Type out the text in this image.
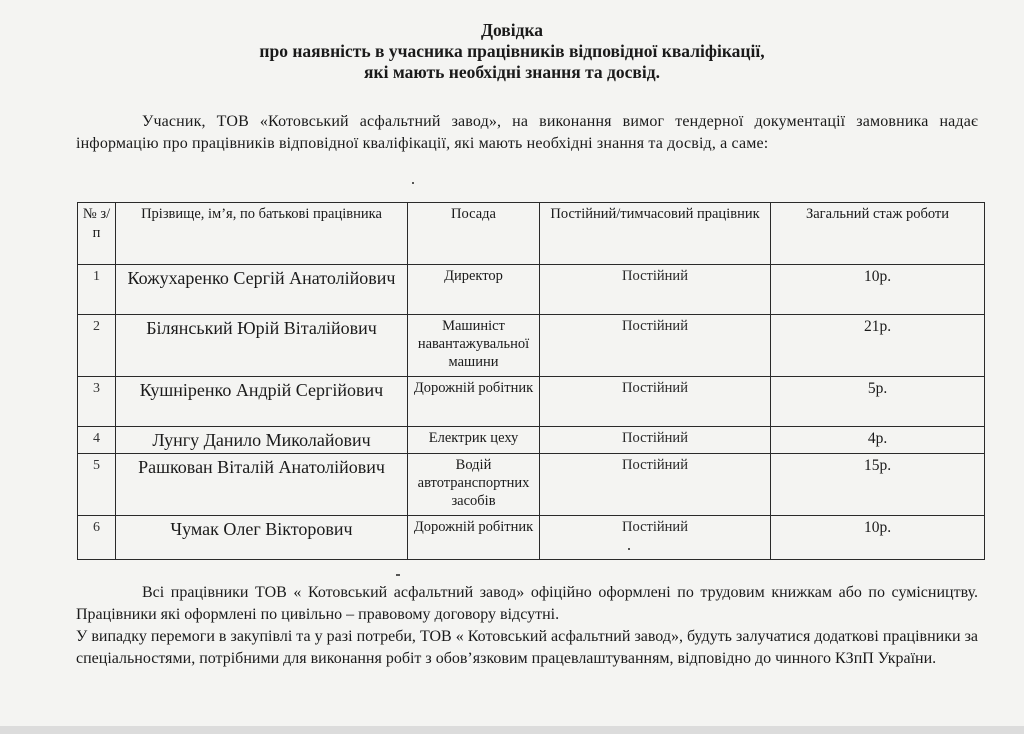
Довідка
про наявність в учасника працівників відповідної кваліфікації,
які мають необхідні знання та досвід.
Учасник, ТОВ «Котовський асфальтний завод», на виконання вимог тендерної документації замовника надає інформацію про працівників відповідної кваліфікації, які мають необхідні знання та досвід, а саме:
№ з/п	Прізвище, ім’я, по батькові працівника	Посада	Постійний/тимчасовий працівник	Загальний стаж роботи
1	Кожухаренко Сергій Анатолійович	Директор	Постійний	10р.
2	Білянський Юрій Віталійович	Машиніст навантажувальної машини	Постійний	21р.
3	Кушніренко Андрій Сергійович	Дорожній робітник	Постійний	5р.
4	Лунгу Данило Миколайович	Електрик цеху	Постійний	4р.
5	Рашкован Віталій Анатолійович	Водій автотранспортних засобів	Постійний	15р.
6	Чумак Олег Вікторович	Дорожній робітник	Постійний	10р.

Всі працівники ТОВ « Котовський асфальтний завод» офіційно оформлені по трудовим книжкам або по сумісництву. Працівники які оформлені по цивільно – правовому договору відсутні.

У випадку перемоги в закупівлі та у разі потреби, ТОВ « Котовський асфальтний завод», будуть залучатися додаткові працівники за спеціальностями, потрібними для виконання робіт з обов’язковим працевлаштуванням, відповідно до чинного КЗпП України.
